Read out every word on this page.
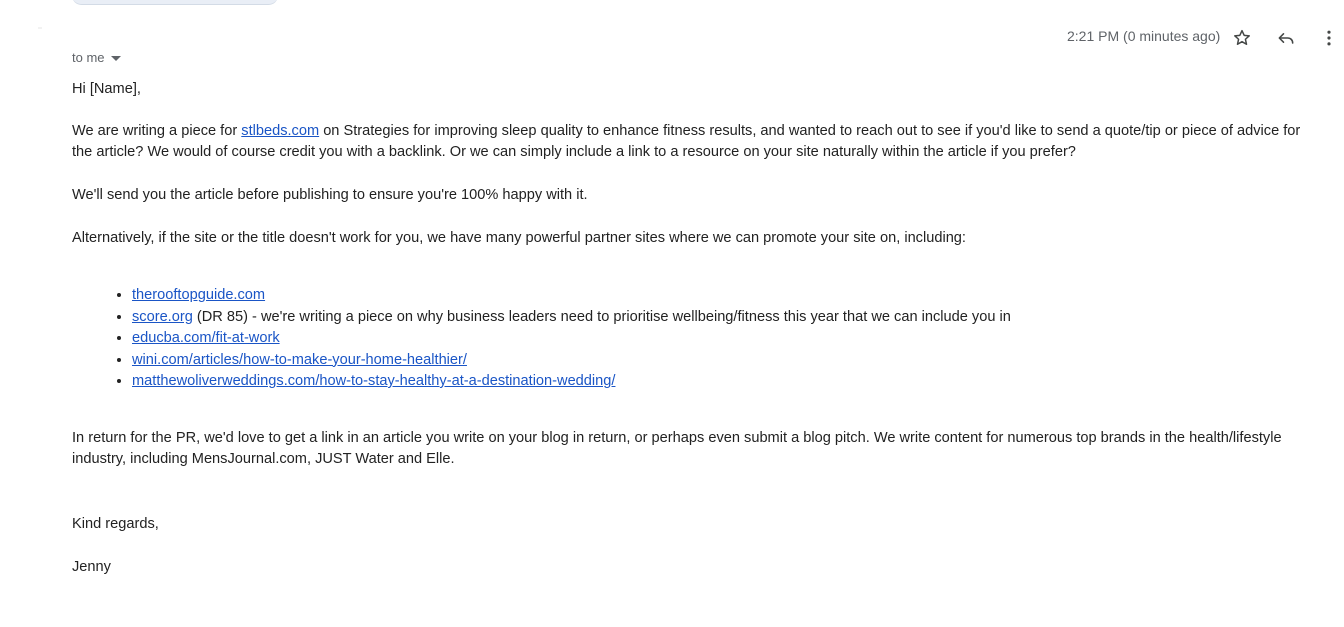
2:21 PM (0 minutes ago)
to me

Hi [Name],

We are writing a piece for stlbeds.com on Strategies for improving sleep quality to enhance fitness results, and wanted to reach out to see if you'd like to send a quote/tip or piece of advice for the article? We would of course credit you with a backlink. Or we can simply include a link to a resource on your site naturally within the article if you prefer?

We'll send you the article before publishing to ensure you're 100% happy with it.

Alternatively, if the site or the title doesn't work for you, we have many powerful partner sites where we can promote your site on, including:

• therooftopguide.com
• score.org (DR 85) - we're writing a piece on why business leaders need to prioritise wellbeing/fitness this year that we can include you in
• educba.com/fit-at-work
• wini.com/articles/how-to-make-your-home-healthier/
• matthewoliverweddings.com/how-to-stay-healthy-at-a-destination-wedding/

In return for the PR, we'd love to get a link in an article you write on your blog in return, or perhaps even submit a blog pitch. We write content for numerous top brands in the health/lifestyle industry, including MensJournal.com, JUST Water and Elle.

Kind regards,

Jenny
